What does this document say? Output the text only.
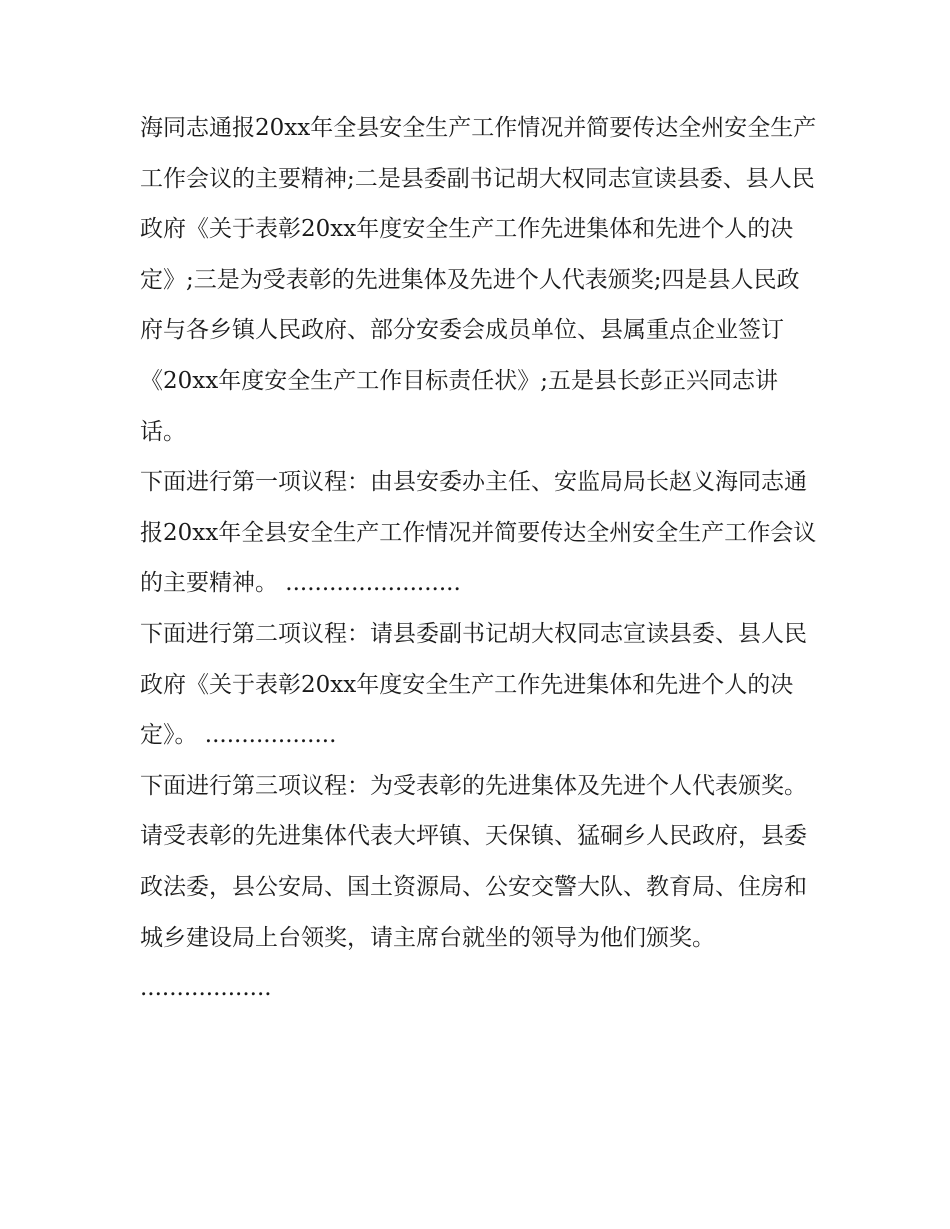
海同志通报20xx年全县安全生产工作情况并简要传达全州安全生产工作会议的主要精神;二是县委副书记胡大权同志宣读县委、县人民政府《关于表彰20xx年度安全生产工作先进集体和先进个人的决定》;三是为受表彰的先进集体及先进个人代表颁奖;四是县人民政府与各乡镇人民政府、部分安委会成员单位、县属重点企业签订《20xx年度安全生产工作目标责任状》;五是县长彭正兴同志讲话。

下面进行第一项议程：由县安委办主任、安监局局长赵义海同志通报20xx年全县安全生产工作情况并简要传达全州安全生产工作会议的主要精神。 ........................

下面进行第二项议程：请县委副书记胡大权同志宣读县委、县人民政府《关于表彰20xx年度安全生产工作先进集体和先进个人的决定》。 ..................

下面进行第三项议程：为受表彰的先进集体及先进个人代表颁奖。

请受表彰的先进集体代表大坪镇、天保镇、猛硐乡人民政府，县委政法委，县公安局、国土资源局、公安交警大队、教育局、住房和城乡建设局上台领奖，请主席台就坐的领导为他们颁奖。

..................
